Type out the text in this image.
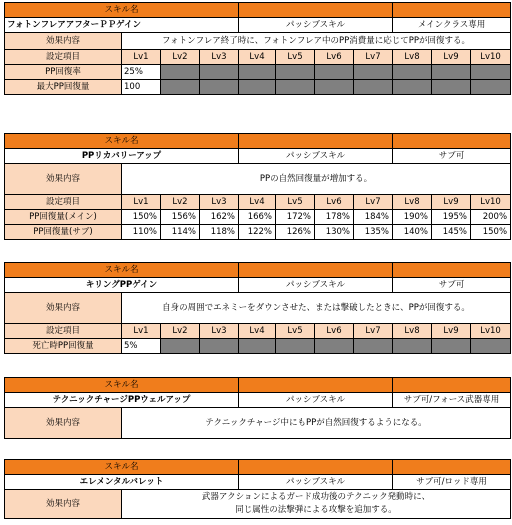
スキル名										
フォトンフレアアフターＰＰゲイン				パッシブスキル				メインクラス専用		
効果内容	フォトンフレア終了時に、フォトンフレア中のPP消費量に応じてPPが回復する。									
設定項目	Lv1	Lv2	Lv3	Lv4	Lv5	Lv6	Lv7	Lv8	Lv9	Lv10
PP回復率	25%									
最大PP回復量	100									
スキル名										
PPリカバリーアップ				パッシブスキル				サブ可		
効果内容	PPの自然回復量が増加する。									
設定項目	Lv1	Lv2	Lv3	Lv4	Lv5	Lv6	Lv7	Lv8	Lv9	Lv10
PP回復量(メイン)	150%	156%	162%	166%	172%	178%	184%	190%	195%	200%
PP回復量(サブ)	110%	114%	118%	122%	126%	130%	135%	140%	145%	150%
スキル名										
キリングPPゲイン				パッシブスキル				サブ可		
効果内容	自身の周囲でエネミーをダウンさせた、または撃破したときに、PPが回復する。									
設定項目	Lv1	Lv2	Lv3	Lv4	Lv5	Lv6	Lv7	Lv8	Lv9	Lv10
死亡時PP回復量	5%									
スキル名			
テクニックチャージPPウェルアップ		パッシブスキル	サブ可/フォース武器専用
効果内容	テクニックチャージ中にもPPが自然回復するようになる。		
スキル名			
エレメンタルバレット		パッシブスキル	サブ可/ロッド専用
効果内容	武器アクションによるガード成功後のテクニック発動時に、
同じ属性の法撃弾による攻撃を追加する。		
